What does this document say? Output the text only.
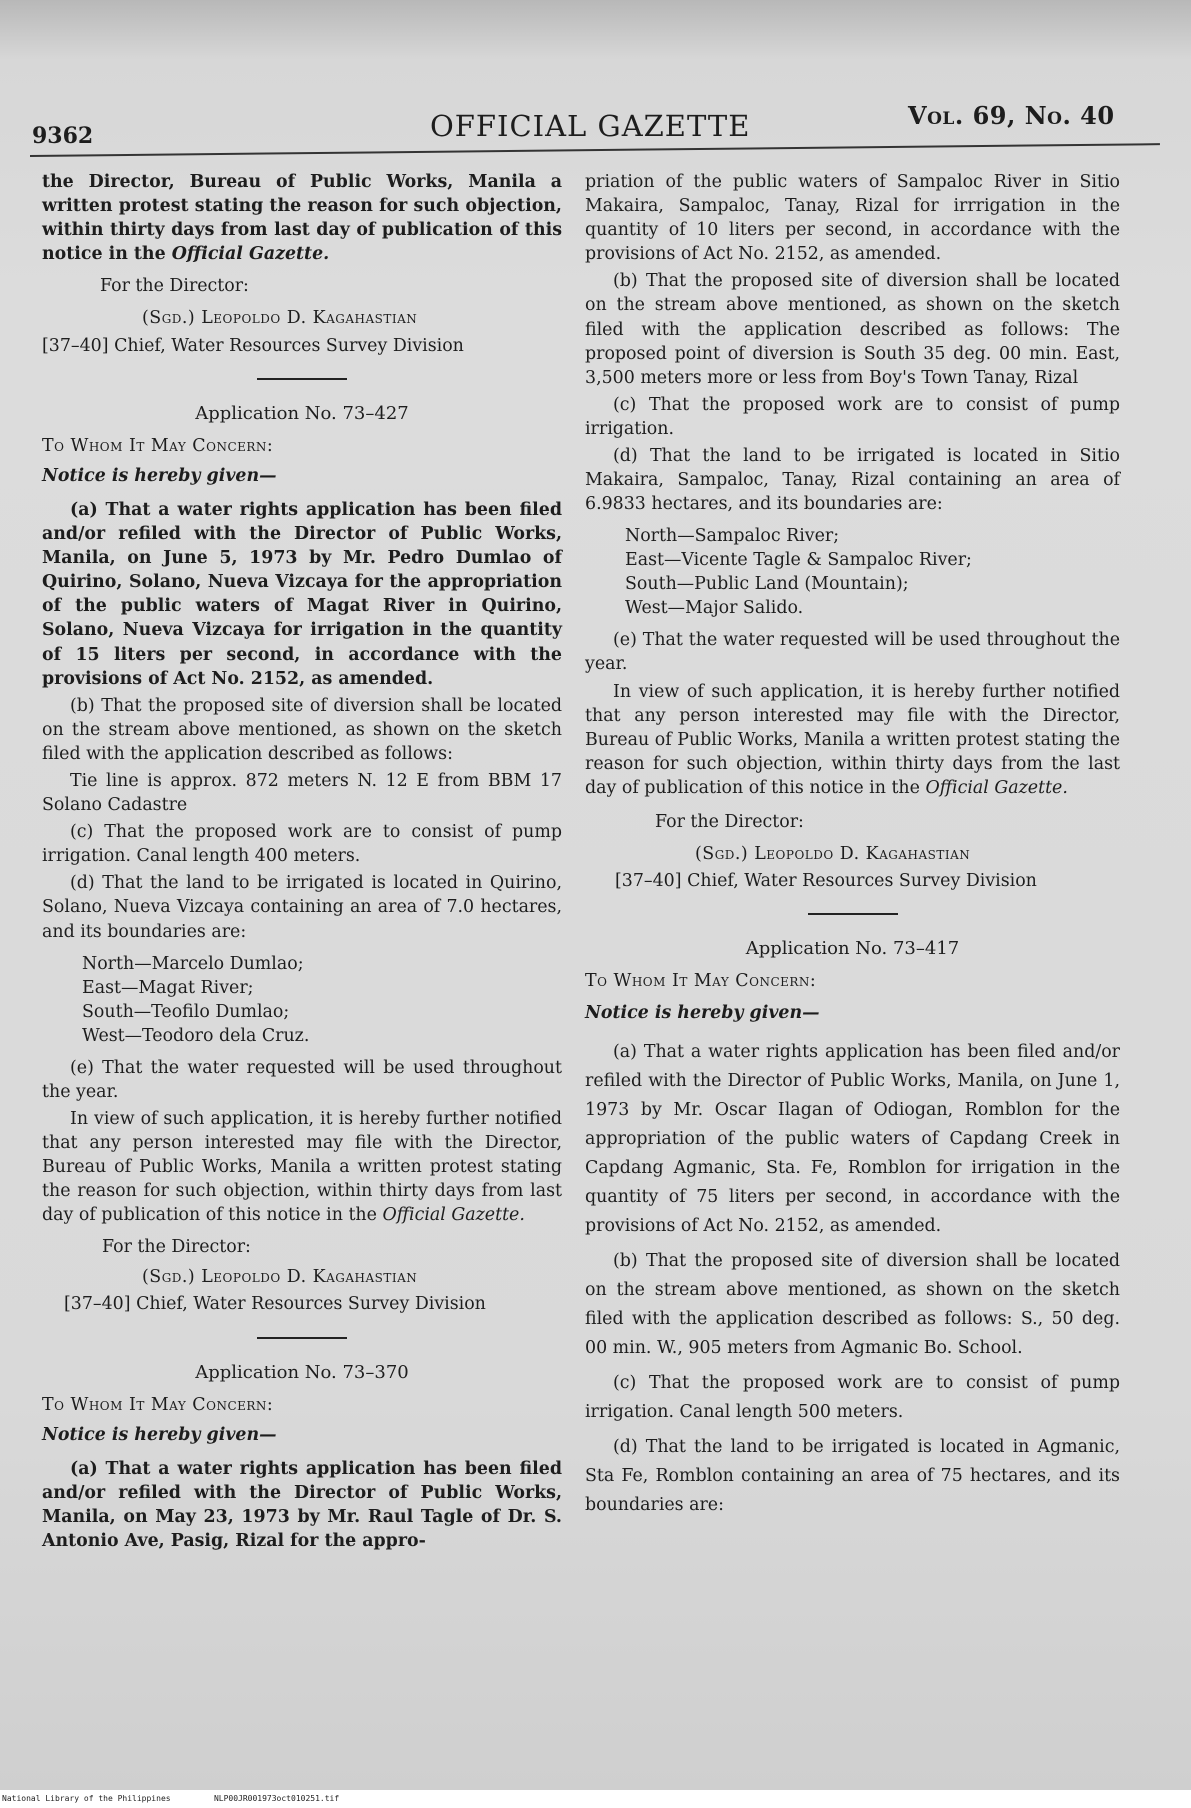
9362	OFFICIAL GAZETTE	Vol. 69, No. 40

the Director, Bureau of Public Works, Manila a written protest stating the reason for such objection, within thirty days from last day of publication of this notice in the Official Gazette.

For the Director:

(Sgd.) Leopoldo D. Kagahastian

[37–40] Chief, Water Resources Survey Division

Application No. 73–427

To Whom It May Concern:

Notice is hereby given—

(a) That a water rights application has been filed and/or refiled with the Director of Public Works, Manila, on June 5, 1973 by Mr. Pedro Dumlao of Quirino, Solano, Nueva Vizcaya for the appropriation of the public waters of Magat River in Quirino, Solano, Nueva Vizcaya for irrigation in the quantity of 15 liters per second, in accordance with the provisions of Act No. 2152, as amended.

(b) That the proposed site of diversion shall be located on the stream above mentioned, as shown on the sketch filed with the application described as follows:

Tie line is approx. 872 meters N. 12 E from BBM 17 Solano Cadastre

(c) That the proposed work are to consist of pump irrigation. Canal length 400 meters.

(d) That the land to be irrigated is located in Quirino, Solano, Nueva Vizcaya containing an area of 7.0 hectares, and its boundaries are:

North—Marcelo Dumlao;
East—Magat River;
South—Teofilo Dumlao;
West—Teodoro dela Cruz.

(e) That the water requested will be used throughout the year.

In view of such application, it is hereby further notified that any person interested may file with the Director, Bureau of Public Works, Manila a written protest stating the reason for such objection, within thirty days from last day of publication of this notice in the Official Gazette.

For the Director:

(Sgd.) Leopoldo D. Kagahastian

[37–40] Chief, Water Resources Survey Division

Application No. 73–370

To Whom It May Concern:

Notice is hereby given—

(a) That a water rights application has been filed and/or refiled with the Director of Public Works, Manila, on May 23, 1973 by Mr. Raul Tagle of Dr. S. Antonio Ave, Pasig, Rizal for the appro-

priation of the public waters of Sampaloc River in Sitio Makaira, Sampaloc, Tanay, Rizal for irrrigation in the quantity of 10 liters per second, in accordance with the provisions of Act No. 2152, as amended.

(b) That the proposed site of diversion shall be located on the stream above mentioned, as shown on the sketch filed with the application described as follows: The proposed point of diversion is South 35 deg. 00 min. East, 3,500 meters more or less from Boy's Town Tanay, Rizal

(c) That the proposed work are to consist of pump irrigation.

(d) That the land to be irrigated is located in Sitio Makaira, Sampaloc, Tanay, Rizal containing an area of 6.9833 hectares, and its boundaries are:

North—Sampaloc River;
East—Vicente Tagle & Sampaloc River;
South—Public Land (Mountain);
West—Major Salido.

(e) That the water requested will be used throughout the year.

In view of such application, it is hereby further notified that any person interested may file with the Director, Bureau of Public Works, Manila a written protest stating the reason for such objection, within thirty days from the last day of publication of this notice in the Official Gazette.

For the Director:

(Sgd.) Leopoldo D. Kagahastian

[37–40] Chief, Water Resources Survey Division

Application No. 73–417

To Whom It May Concern:

Notice is hereby given—

(a) That a water rights application has been filed and/or refiled with the Director of Public Works, Manila, on June 1, 1973 by Mr. Oscar Ilagan of Odiogan, Romblon for the appropriation of the public waters of Capdang Creek in Capdang Agmanic, Sta. Fe, Romblon for irrigation in the quantity of 75 liters per second, in accordance with the provisions of Act No. 2152, as amended.

(b) That the proposed site of diversion shall be located on the stream above mentioned, as shown on the sketch filed with the application described as follows: S., 50 deg. 00 min. W., 905 meters from Agmanic Bo. School.

(c) That the proposed work are to consist of pump irrigation. Canal length 500 meters.

(d) That the land to be irrigated is located in Agmanic, Sta Fe, Romblon containing an area of 75 hectares, and its boundaries are:

National Library of the Philippines	NLP00JR001973oct010251.tif
